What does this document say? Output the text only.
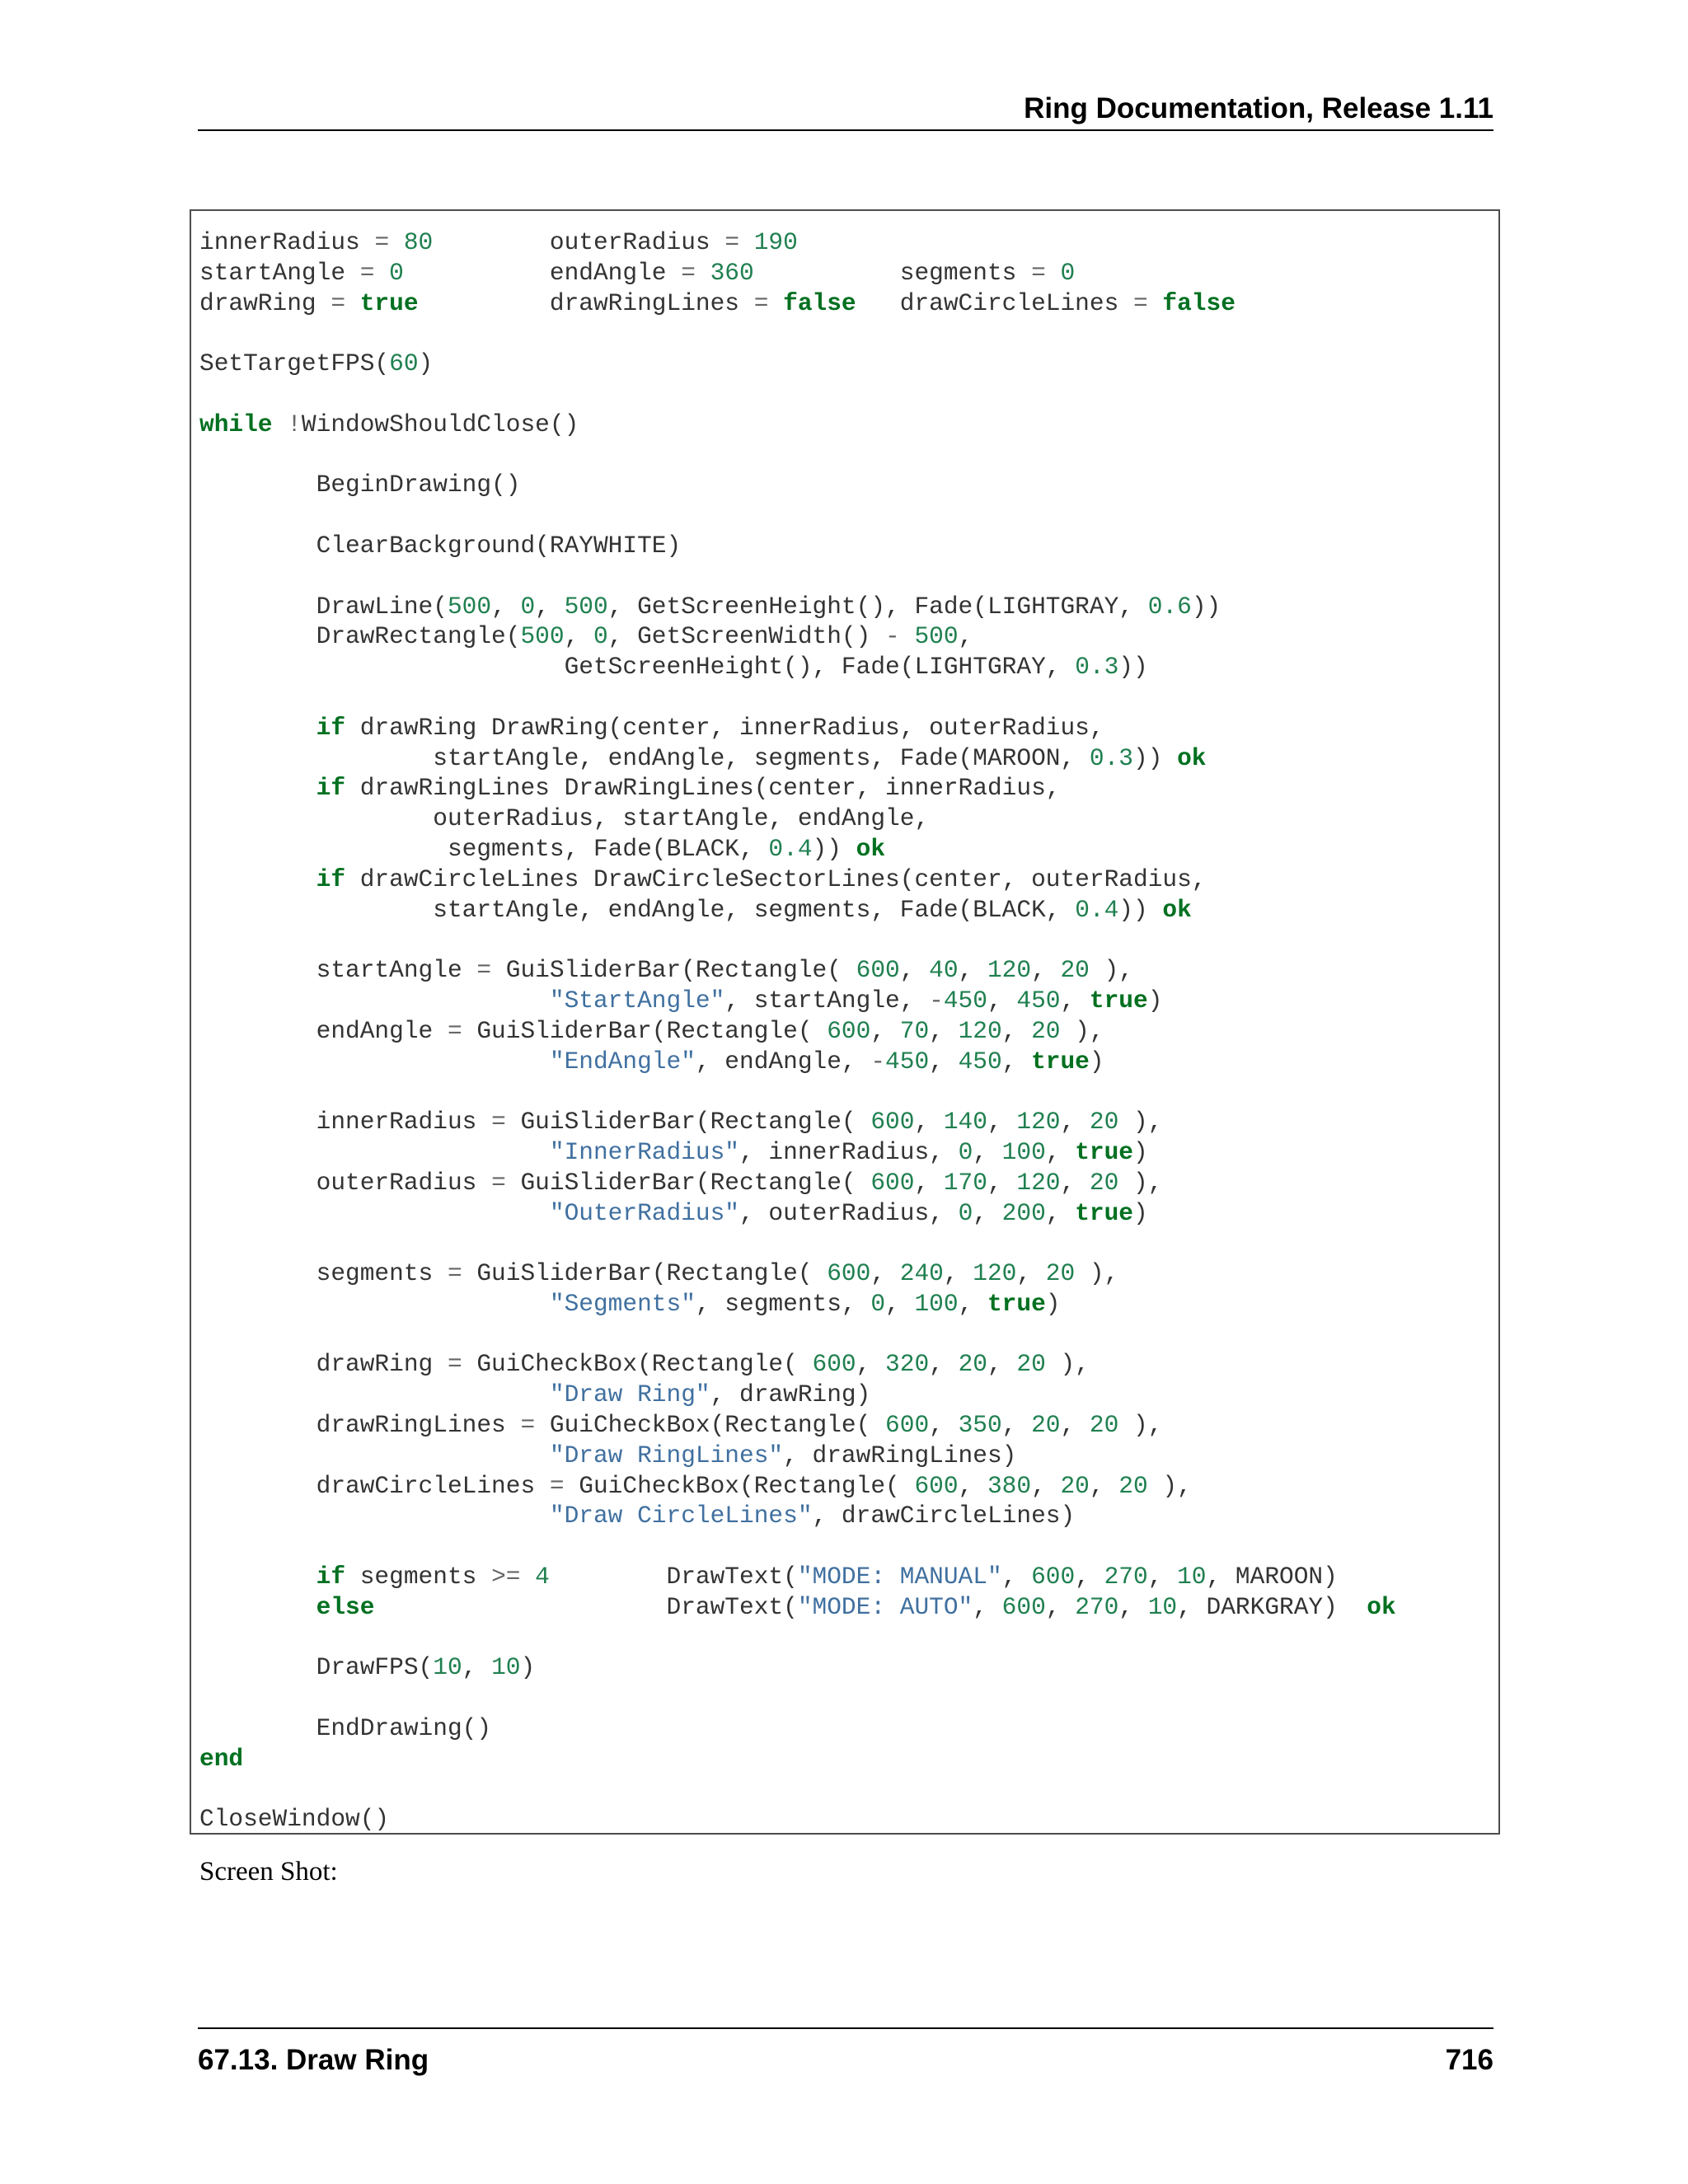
Ring Documentation, Release 1.11
innerRadius = 80        outerRadius = 190
startAngle = 0          endAngle = 360          segments = 0
drawRing = true         drawRingLines = false   drawCircleLines = false
SetTargetFPS(60)
while !WindowShouldClose()
BeginDrawing()
ClearBackground(RAYWHITE)
DrawLine(500, 0, 500, GetScreenHeight(), Fade(LIGHTGRAY, 0.6))
DrawRectangle(500, 0, GetScreenWidth() - 500,
GetScreenHeight(), Fade(LIGHTGRAY, 0.3))
if drawRing DrawRing(center, innerRadius, outerRadius,
startAngle, endAngle, segments, Fade(MAROON, 0.3)) ok
if drawRingLines DrawRingLines(center, innerRadius,
outerRadius, startAngle, endAngle,
segments, Fade(BLACK, 0.4)) ok
if drawCircleLines DrawCircleSectorLines(center, outerRadius,
startAngle, endAngle, segments, Fade(BLACK, 0.4)) ok
startAngle = GuiSliderBar(Rectangle( 600, 40, 120, 20 ),
"StartAngle", startAngle, -450, 450, true)
endAngle = GuiSliderBar(Rectangle( 600, 70, 120, 20 ),
"EndAngle", endAngle, -450, 450, true)
innerRadius = GuiSliderBar(Rectangle( 600, 140, 120, 20 ),
"InnerRadius", innerRadius, 0, 100, true)
outerRadius = GuiSliderBar(Rectangle( 600, 170, 120, 20 ),
"OuterRadius", outerRadius, 0, 200, true)
segments = GuiSliderBar(Rectangle( 600, 240, 120, 20 ),
"Segments", segments, 0, 100, true)
drawRing = GuiCheckBox(Rectangle( 600, 320, 20, 20 ),
"Draw Ring", drawRing)
drawRingLines = GuiCheckBox(Rectangle( 600, 350, 20, 20 ),
"Draw RingLines", drawRingLines)
drawCircleLines = GuiCheckBox(Rectangle( 600, 380, 20, 20 ),
"Draw CircleLines", drawCircleLines)
if segments >= 4        DrawText("MODE: MANUAL", 600, 270, 10, MAROON)
else                    DrawText("MODE: AUTO", 600, 270, 10, DARKGRAY)  ok
DrawFPS(10, 10)
EndDrawing()
end
CloseWindow()
Screen Shot:
67.13. Draw Ring	716
